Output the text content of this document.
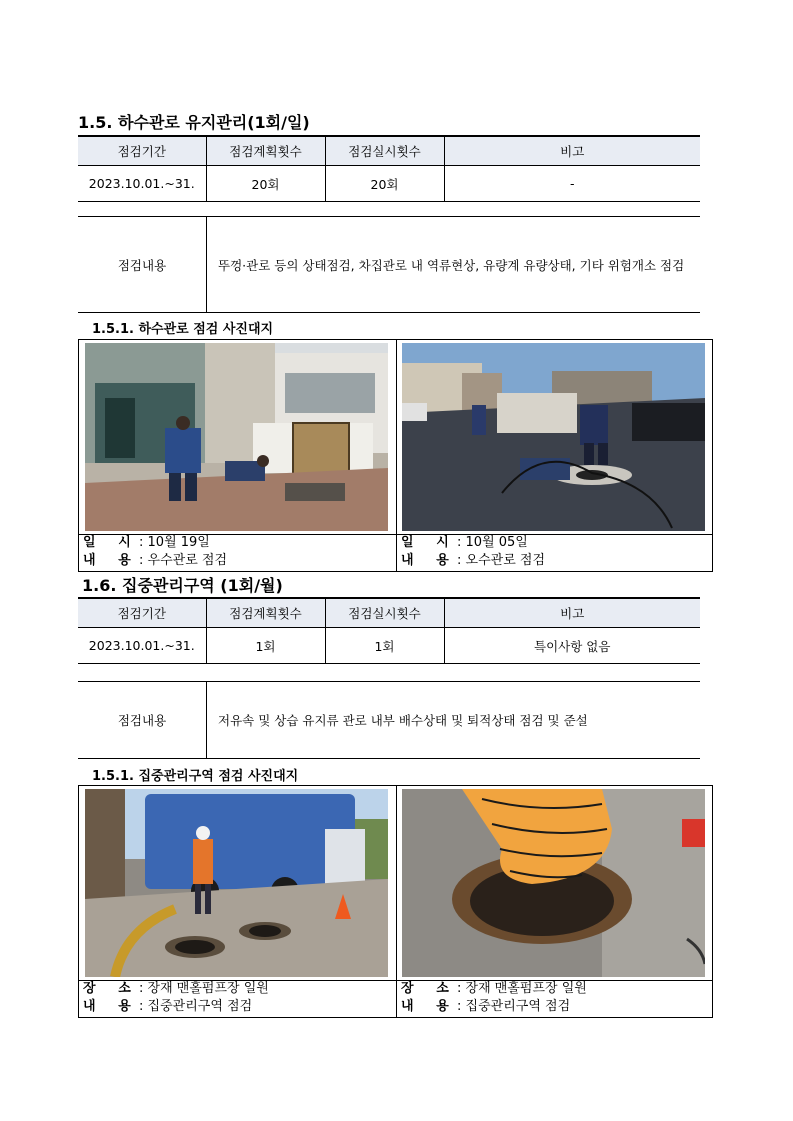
1.5. 하수관로 유지관리(1회/일)
점검기간	점검계획횟수	점검실시횟수	비고
2023.10.01.~31.	20회	20회	-
점검내용	뚜껑·관로 등의 상태점검, 차집관로 내 역류현상, 유량계 유량상태, 기타 위험개소 점검
1.5.1. 하수관로 점검 사진대지
일 시 : 10월 19일
내 용 : 우수관로 점검
일 시 : 10월 05일
내 용 : 오수관로 점검
1.6. 집중관리구역 (1회/월)
점검기간	점검계획횟수	점검실시횟수	비고
2023.10.01.~31.	1회	1회	특이사항 없음
점검내용	저유속 및 상습 유지류 관로 내부 배수상태 및 퇴적상태 점검 및 준설
1.5.1. 집중관리구역 점검 사진대지
장 소 : 장재 맨홀펌프장 일원
내 용 : 집중관리구역 점검
장 소 : 장재 맨홀펌프장 일원
내 용 : 집중관리구역 점검
